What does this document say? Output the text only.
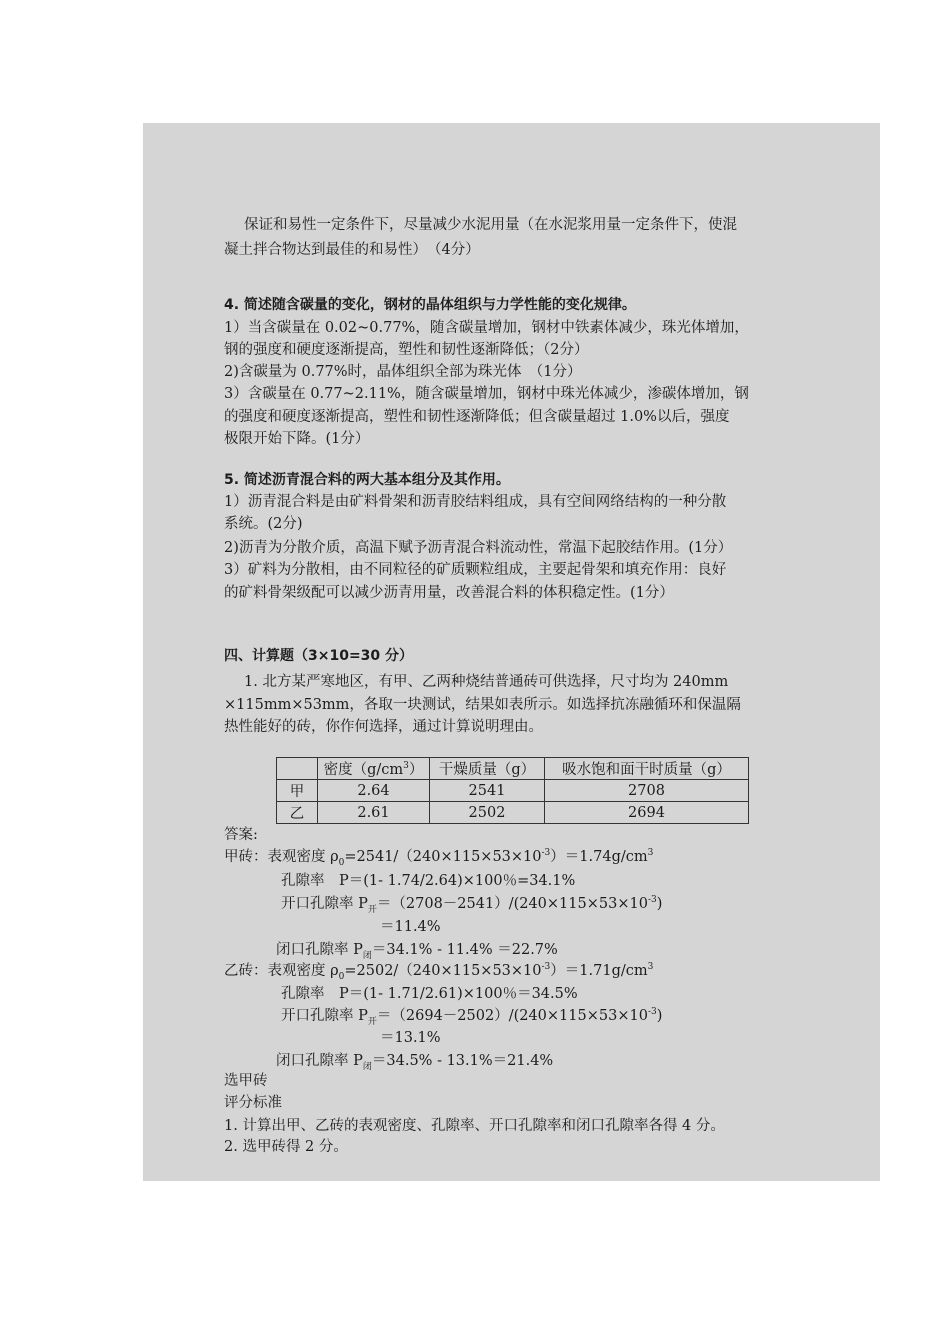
保证和易性一定条件下，尽量减少水泥用量（在水泥浆用量一定条件下，使混
凝土拌合物达到最佳的和易性）　（4分）
4. 简述随含碳量的变化，钢材的晶体组织与力学性能的变化规律。
1）当含碳量在 0.02~0.77%，随含碳量增加，钢材中铁素体减少，珠光体增加，
钢的强度和硬度逐渐提高，塑性和韧性逐渐降低；（2分）
2)含碳量为 0.77%时，晶体组织全部为珠光体　（1分）
3）含碳量在 0.77~2.11%，随含碳量增加，钢材中珠光体减少，渗碳体增加，钢
的强度和硬度逐渐提高，塑性和韧性逐渐降低；但含碳量超过 1.0%以后，强度
极限开始下降。(1分）
5. 简述沥青混合料的两大基本组分及其作用。
1）沥青混合料是由矿料骨架和沥青胶结料组成，具有空间网络结构的一种分散
系统。(2分)
2)沥青为分散介质，高温下赋予沥青混合料流动性，常温下起胶结作用。(1分）
3）矿料为分散相，由不同粒径的矿质颗粒组成，主要起骨架和填充作用：良好
的矿料骨架级配可以减少沥青用量，改善混合料的体积稳定性。(1分）
四、计算题（3×10=30 分）
1. 北方某严寒地区，有甲、乙两种烧结普通砖可供选择，尺寸均为 240mm
×115mm×53mm，各取一块测试，结果如表所示。如选择抗冻融循环和保温隔
热性能好的砖，你作何选择，通过计算说明理由。
	密度$(g/cm^3)$	干燥质量（g）	吸水饱和面干时质量（g）
甲	2.64	2541	2708
乙	2.61	2502	2694
答案:
甲砖：表观密度 $\rho_0=2541/(240\times 115\times 53\times 10^{-3})=1.74g/cm^3$
孔隙率　P＝(1- 1.74/2.64)×100％=34.1%
开口孔隙率 $P_开=(2708-2541)/(240\times 115\times 53\times 10^{-3})$
＝11.4%
闭口孔隙率 $P_闭=34.1\% - 11.4\% =22.7\%$
乙砖：表观密度 $\rho_0=2502/(240\times 115\times 53\times 10^{-3})=1.71g/cm^3$
孔隙率　P＝(1- 1.71/2.61)×100％＝34.5%
开口孔隙率 $P_开=(2694-2502)/(240\times 115\times 53\times 10^{-3})$
＝13.1%
闭口孔隙率 $P_闭=34.5\% - 13.1\%=21.4\%$
选甲砖
评分标准
1. 计算出甲、乙砖的表观密度、孔隙率、开口孔隙率和闭口孔隙率各得 4 分。
2. 选甲砖得 2 分。
